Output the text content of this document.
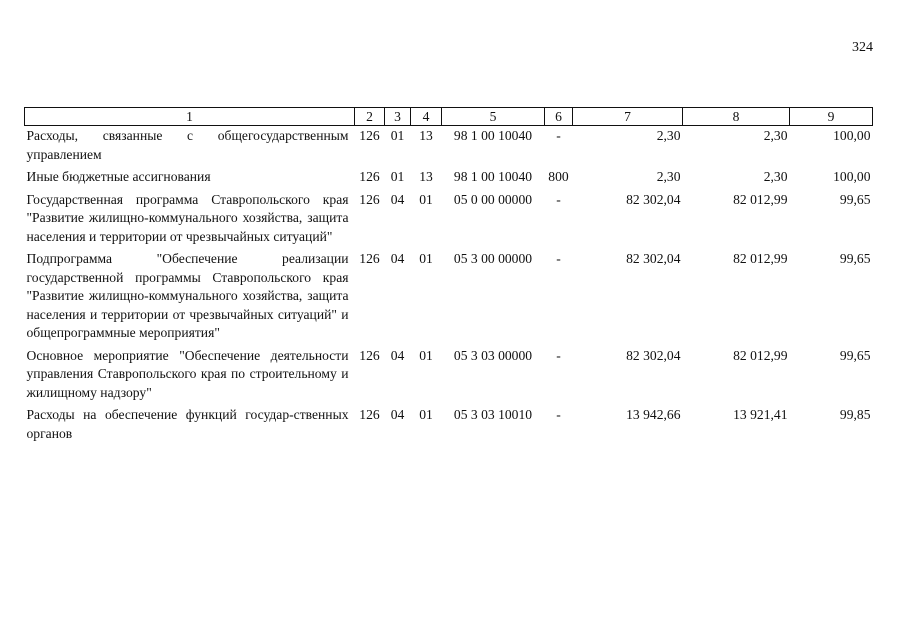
324
1	2	3	4	5	6	7	8	9
Расходы, связанные с общегосударственным управлением	126	01	13	98 1 00 10040	-	2,30	2,30	100,00
Иные бюджетные ассигнования	126	01	13	98 1 00 10040	800	2,30	2,30	100,00
Государственная программа Ставропольского края "Развитие жилищно-коммунального хозяйства, защита населения и территории от чрезвычайных ситуаций"	126	04	01	05 0 00 00000	-	82 302,04	82 012,99	99,65
Подпрограмма "Обеспечение реализации государственной программы Ставропольского края "Развитие жилищно-коммунального хозяйства, защита населения и территории от чрезвычайных ситуаций" и общепрограммные мероприятия"	126	04	01	05 3 00 00000	-	82 302,04	82 012,99	99,65
Основное мероприятие "Обеспечение деятельности управления Ставропольского края по строительному и жилищному надзору"	126	04	01	05 3 03 00000	-	82 302,04	82 012,99	99,65
Расходы на обеспечение функций государ-ственных органов	126	04	01	05 3 03 10010	-	13 942,66	13 921,41	99,85
